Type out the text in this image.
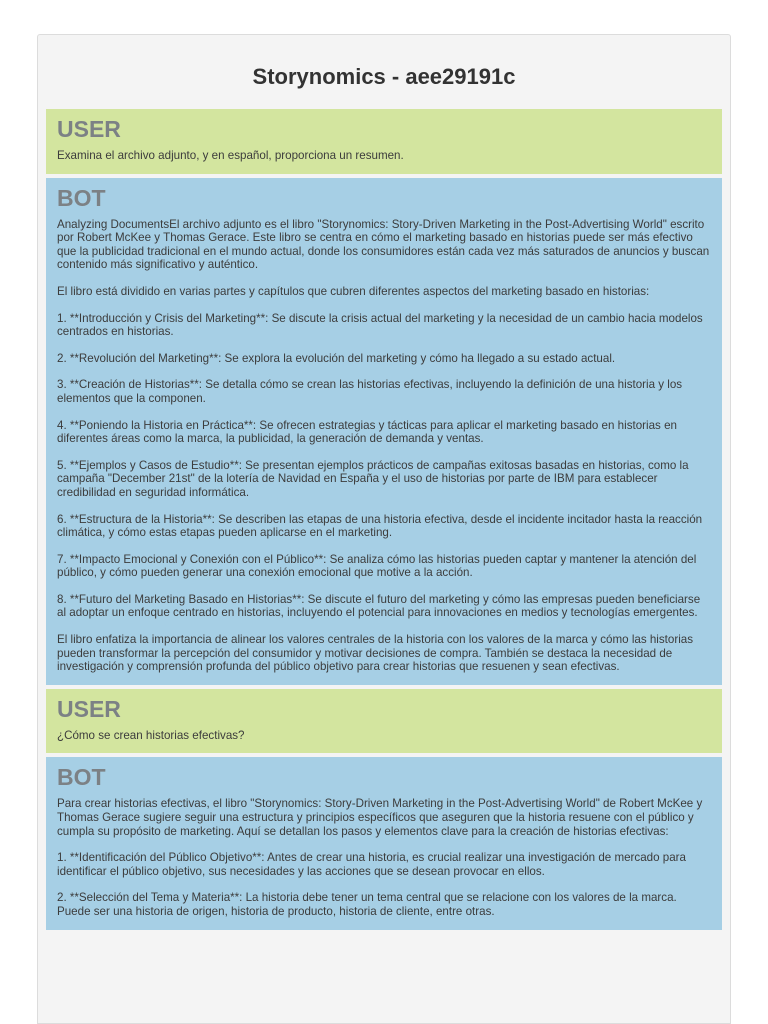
Storynomics - aee29191c
USER

Examina el archivo adjunto, y en español, proporciona un resumen.

BOT

Analyzing DocumentsEl archivo adjunto es el libro "Storynomics: Story-Driven Marketing in the Post-Advertising World" escrito por Robert McKee y Thomas Gerace. Este libro se centra en cómo el marketing basado en historias puede ser más efectivo que la publicidad tradicional en el mundo actual, donde los consumidores están cada vez más saturados de anuncios y buscan contenido más significativo y auténtico.

El libro está dividido en varias partes y capítulos que cubren diferentes aspectos del marketing basado en historias:

1. **Introducción y Crisis del Marketing**: Se discute la crisis actual del marketing y la necesidad de un cambio hacia modelos centrados en historias.

2. **Revolución del Marketing**: Se explora la evolución del marketing y cómo ha llegado a su estado actual.

3. **Creación de Historias**: Se detalla cómo se crean las historias efectivas, incluyendo la definición de una historia y los elementos que la componen.

4. **Poniendo la Historia en Práctica**: Se ofrecen estrategias y tácticas para aplicar el marketing basado en historias en diferentes áreas como la marca, la publicidad, la generación de demanda y ventas.

5. **Ejemplos y Casos de Estudio**: Se presentan ejemplos prácticos de campañas exitosas basadas en historias, como la campaña "December 21st" de la lotería de Navidad en España y el uso de historias por parte de IBM para establecer credibilidad en seguridad informática.

6. **Estructura de la Historia**: Se describen las etapas de una historia efectiva, desde el incidente incitador hasta la reacción climática, y cómo estas etapas pueden aplicarse en el marketing.

7. **Impacto Emocional y Conexión con el Público**: Se analiza cómo las historias pueden captar y mantener la atención del público, y cómo pueden generar una conexión emocional que motive a la acción.

8. **Futuro del Marketing Basado en Historias**: Se discute el futuro del marketing y cómo las empresas pueden beneficiarse al adoptar un enfoque centrado en historias, incluyendo el potencial para innovaciones en medios y tecnologías emergentes.

El libro enfatiza la importancia de alinear los valores centrales de la historia con los valores de la marca y cómo las historias pueden transformar la percepción del consumidor y motivar decisiones de compra. También se destaca la necesidad de investigación y comprensión profunda del público objetivo para crear historias que resuenen y sean efectivas.

USER

¿Cómo se crean historias efectivas?

BOT

Para crear historias efectivas, el libro "Storynomics: Story-Driven Marketing in the Post-Advertising World" de Robert McKee y Thomas Gerace sugiere seguir una estructura y principios específicos que aseguren que la historia resuene con el público y cumpla su propósito de marketing. Aquí se detallan los pasos y elementos clave para la creación de historias efectivas:

1. **Identificación del Público Objetivo**: Antes de crear una historia, es crucial realizar una investigación de mercado para identificar el público objetivo, sus necesidades y las acciones que se desean provocar en ellos.

2. **Selección del Tema y Materia**: La historia debe tener un tema central que se relacione con los valores de la marca. Puede ser una historia de origen, historia de producto, historia de cliente, entre otras.
